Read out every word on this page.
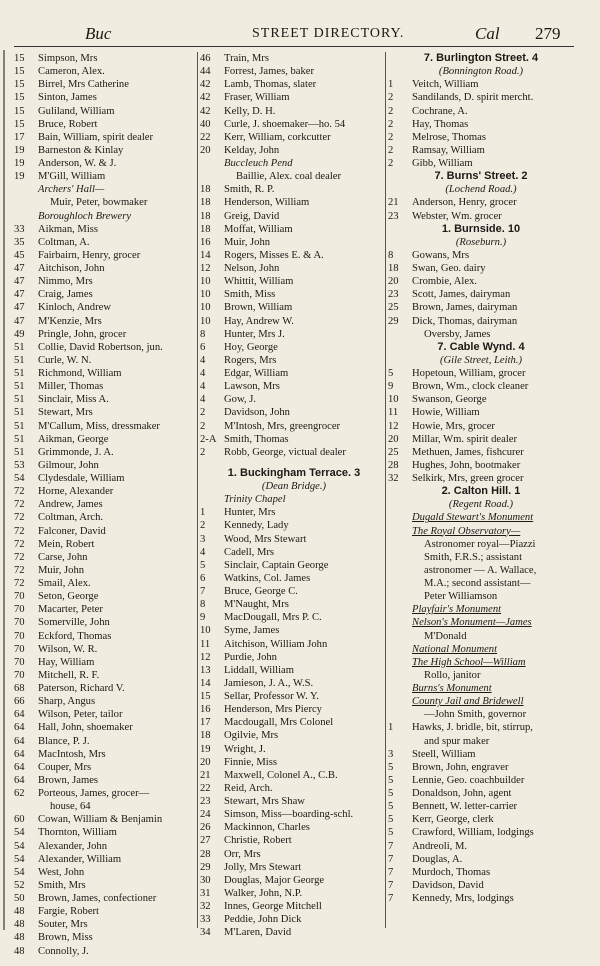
Buc	STREET DIRECTORY.	Cal 279
15 Simpson, Mrs
15 Cameron, Alex.
15 Birrel, Mrs Catherine
15 Sinton, James
15 Guliland, William
15 Bruce, Robert
17 Bain, William, spirit dealer
19 Barneston & Kinlay
19 Anderson, W. & J.
19 M'Gill, William
Archers' Hall—
Muir, Peter, bowmaker
Boroughloch Brewery
33 Aikman, Miss
35 Coltman, A.
45 Fairbairn, Henry, grocer
47 Aitchison, John
47 Nimmo, Mrs
47 Craig, James
47 Kinloch, Andrew
47 M'Kenzie, Mrs
49 Pringle, John, grocer
51 Collie, David Robertson, jun.
51 Curle, W. N.
51 Richmond, William
51 Miller, Thomas
51 Sinclair, Miss A.
51 Stewart, Mrs
51 M'Callum, Miss, dressmaker
51 Aikman, George
51 Grimmonde, J. A.
53 Gilmour, John
54 Clydesdale, William
72 Horne, Alexander
72 Andrew, James
72 Coltman, Arch.
72 Falconer, David
72 Mein, Robert
72 Carse, John
72 Muir, John
72 Smail, Alex.
70 Seton, George
70 Macarter, Peter
70 Somerville, John
70 Eckford, Thomas
70 Wilson, W. R.
70 Hay, William
70 Mitchell, R. F.
68 Paterson, Richard V.
66 Sharp, Angus
64 Wilson, Peter, tailor
64 Hall, John, shoemaker
64 Blance, P. J.
64 MacIntosh, Mrs
64 Couper, Mrs
64 Brown, James
62 Porteous, James, grocer—
house, 64
60 Cowan, William & Benjamin
54 Thornton, William
54 Alexander, John
54 Alexander, William
54 West, John
52 Smith, Mrs
50 Brown, James, confectioner
48 Fargie, Robert
48 Souter, Mrs
48 Brown, Miss
48 Connolly, J.
46 Train, Mrs
44 Forrest, James, baker
42 Lamb, Thomas, slater
42 Fraser, William
42 Kelly, D. H.
40 Curle, J. shoemaker—ho. 54
22 Kerr, William, corkcutter
20 Kelday, John
Buccleuch Pend
Baillie, Alex. coal dealer
18 Smith, R. P.
18 Henderson, William
18 Greig, David
18 Moffat, William
16 Muir, John
14 Rogers, Misses E. & A.
12 Nelson, John
10 Whittit, William
10 Smith, Miss
10 Brown, William
10 Hay, Andrew W.
8 Hunter, Mrs J.
6 Hoy, George
4 Rogers, Mrs
4 Edgar, William
4 Lawson, Mrs
4 Gow, J.
2 Davidson, John
2 M'Intosh, Mrs, greengrocer
2-A Smith, Thomas
2 Robb, George, victual dealer
1. Buckingham Terrace. 3
(Dean Bridge.)
Trinity Chapel
1 Hunter, Mrs
2 Kennedy, Lady
3 Wood, Mrs Stewart
4 Cadell, Mrs
5 Sinclair, Captain George
6 Watkins, Col. James
7 Bruce, George C.
8 M'Naught, Mrs
9 MacDougall, Mrs P. C.
10 Syme, James
11 Aitchison, William John
12 Purdie, John
13 Liddall, William
14 Jamieson, J. A., W.S.
15 Sellar, Professor W. Y.
16 Henderson, Mrs Piercy
17 Macdougall, Mrs Colonel
18 Ogilvie, Mrs
19 Wright, J.
20 Finnie, Miss
21 Maxwell, Colonel A., C.B.
22 Reid, Arch.
23 Stewart, Mrs Shaw
24 Simson, Miss—boarding-schl.
26 Mackinnon, Charles
27 Christie, Robert
28 Orr, Mrs
29 Jolly, Mrs Stewart
30 Douglas, Major George
31 Walker, John, N.P.
32 Innes, George Mitchell
33 Peddie, John Dick
34 M'Laren, David
7. Burlington Street. 4
(Bonnington Road.)
1 Veitch, William
2 Sandilands, D. spirit mercht.
2 Cochrane, A.
2 Hay, Thomas
2 Melrose, Thomas
2 Ramsay, William
2 Gibb, William
7. Burns' Street. 2
(Lochend Road.)
21 Anderson, Henry, grocer
23 Webster, Wm. grocer
1. Burnside. 10
(Roseburn.)
8 Gowans, Mrs
18 Swan, Geo. dairy
20 Crombie, Alex.
23 Scott, James, dairyman
25 Brown, James, dairyman
29 Dick, Thomas, dairyman
Oversby, James
7. Cable Wynd. 4
(Gile Street, Leith.)
5 Hopetoun, William, grocer
9 Brown, Wm., clock cleaner
10 Swanson, George
11 Howie, William
12 Howie, Mrs, grocer
20 Millar, Wm. spirit dealer
25 Methuen, James, fishcurer
28 Hughes, John, bootmaker
32 Selkirk, Mrs, green grocer
2. Calton Hill. 1
(Regent Road.)
Dugald Stewart's Monument
The Royal Observatory—
Astronomer royal—Piazzi
Smith, F.R.S.; assistant
astronomer — A. Wallace,
M.A.; second assistant—
Peter Williamson
Playfair's Monument
Nelson's Monument—James
M'Donald
National Monument
The High School—William
Rollo, janitor
Burns's Monument
County Jail and Bridewell
—John Smith, governor
1 Hawks, J. bridle, bit, stirrup,
and spur maker
3 Steell, William
5 Brown, John, engraver
5 Lennie, Geo. coachbuilder
5 Donaldson, John, agent
5 Bennett, W. letter-carrier
5 Kerr, George, clerk
5 Crawford, William, lodgings
7 Andreoli, M.
7 Douglas, A.
7 Murdoch, Thomas
7 Davidson, David
7 Kennedy, Mrs, lodgings
